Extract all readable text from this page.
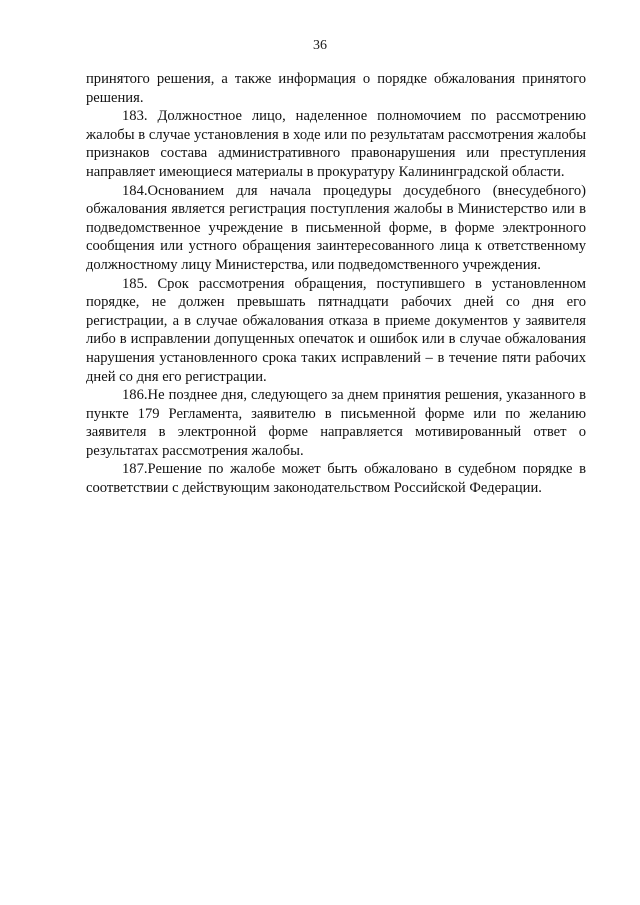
36

принятого решения, а также информация о порядке обжалования принятого решения.

183. Должностное лицо, наделенное полномочием по рассмотрению жалобы в случае установления в ходе или по результатам рассмотрения жалобы признаков состава административного правонарушения или преступления направляет имеющиеся материалы в прокуратуру Калининградской области.

184.Основанием для начала процедуры досудебного (внесудебного) обжалования является регистрация поступления жалобы в Министерство или в подведомственное учреждение в письменной форме, в форме электронного сообщения или устного обращения заинтересованного лица к ответственному должностному лицу Министерства, или подведомственного учреждения.

185. Срок рассмотрения обращения, поступившего в установленном порядке, не должен превышать пятнадцати рабочих дней со дня его регистрации, а в случае обжалования отказа в приеме документов у заявителя либо в исправлении допущенных опечаток и ошибок или в случае обжалования нарушения установленного срока таких исправлений – в течение пяти рабочих дней со дня его регистрации.

186.Не позднее дня, следующего за днем принятия решения, указанного в пункте 179 Регламента, заявителю в письменной форме или по желанию заявителя в электронной форме направляется мотивированный ответ о результатах рассмотрения жалобы.

187.Решение по жалобе может быть обжаловано в судебном порядке в соответствии с действующим законодательством Российской Федерации.
